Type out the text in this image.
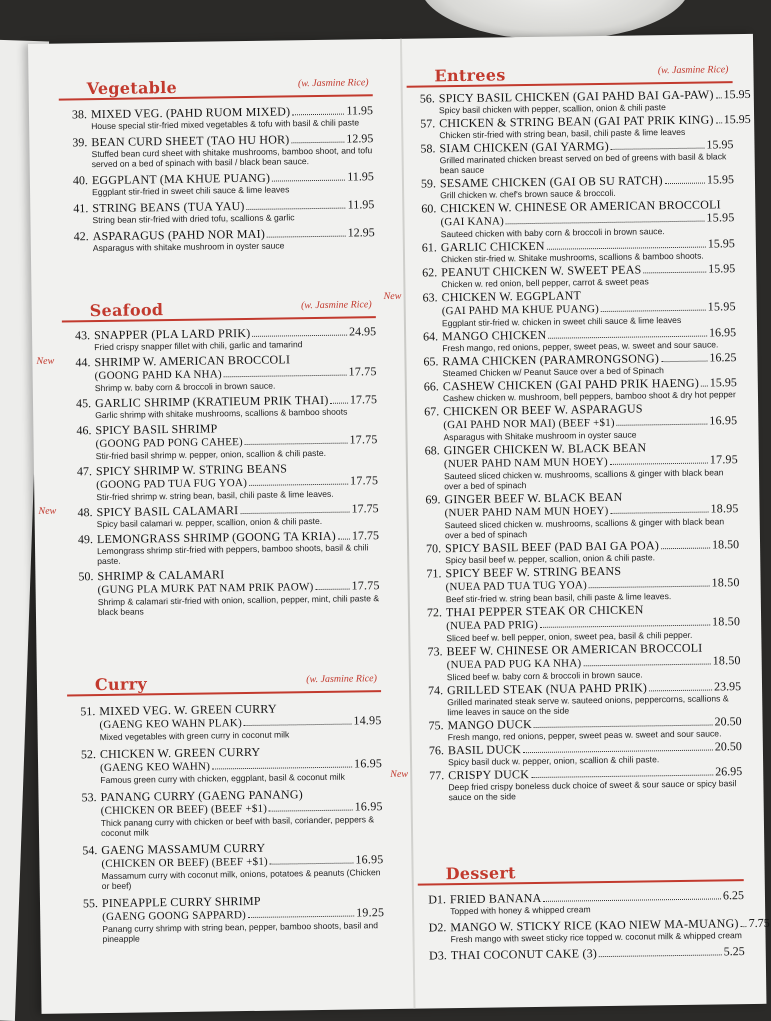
Vegetable	(w. Jasmine Rice)
38. MIXED VEG. (PAHD RUOM MIXED)	11.95
House special stir-fried mixed vegetables & tofu with basil & chili paste
39. BEAN CURD SHEET (TAO HU HOR)	12.95
Stuffed bean curd sheet with shitake mushrooms, bamboo shoot, and tofu served on a bed of spinach with basil / black bean sauce.
40. EGGPLANT (MA KHUE PUANG)	11.95
Eggplant stir-fried in sweet chili sauce & lime leaves
41. STRING BEANS (TUA YAU)	11.95
String bean stir-fried with dried tofu, scallions & garlic
42. ASPARAGUS (PAHD NOR MAI)	12.95
Asparagus with shitake mushroom in oyster sauce
Seafood	(w. Jasmine Rice)
43. SNAPPER (PLA LARD PRIK)	24.95
Fried crispy snapper fillet with chili, garlic and tamarind
New	44. SHRIMP W. AMERICAN BROCCOLI
(GOONG PAHD KA NHA)	17.75
Shrimp w. baby corn & broccoli in brown sauce.
45. GARLIC SHRIMP (KRATIEUM PRIK THAI) 17.75
Garlic shrimp with shitake mushrooms, scallions & bamboo shoots
46. SPICY BASIL SHRIMP
(GOONG PAD PONG CAHEE)	17.75
Stir-fried basil shrimp w. pepper, onion, scallion & chili paste.
47. SPICY SHRIMP W. STRING BEANS
(GOONG PAD TUA FUG YOA)	17.75
Stir-fried shrimp w. string bean, basil, chili paste & lime leaves.
New	48. SPICY BASIL CALAMARI	17.75
Spicy basil calamari w. pepper, scallion, onion & chili paste.
49. LEMONGRASS SHRIMP (GOONG TA KRIA) 17.75
Lemongrass shrimp stir-fried with peppers, bamboo shoots, basil & chili paste.
50. SHRIMP & CALAMARI
(GUNG PLA MURK PAT NAM PRIK PAOW)	17.75
Shrimp & calamari stir-fried with onion, scallion, pepper, mint, chili paste & black beans
Curry	(w. Jasmine Rice)
51. MIXED VEG. W. GREEN CURRY
(GAENG KEO WAHN PLAK)	14.95
Mixed vegetables with green curry in coconut milk
52. CHICKEN W. GREEN CURRY
(GAENG KEO WAHN)	16.95
Famous green curry with chicken, eggplant, basil & coconut milk
53. PANANG CURRY (GAENG PANANG)
(CHICKEN OR BEEF) (BEEF +$1)	16.95
Thick panang curry with chicken or beef with basil, coriander, peppers & coconut milk
54. GAENG MASSAMUM CURRY
(CHICKEN OR BEEF) (BEEF +$1)	16.95
Massamum curry with coconut milk, onions, potatoes & peanuts (Chicken or beef)
55. PINEAPPLE CURRY SHRIMP
(GAENG GOONG SAPPARD)	19.25
Panang curry shrimp with string bean, pepper, bamboo shoots, basil and pineapple
Entrees	(w. Jasmine Rice)
56. SPICY BASIL CHICKEN (GAI PAHD BAI GA-PAW) 15.95
Spicy basil chicken with pepper, scallion, onion & chili paste
57. CHICKEN & STRING BEAN (GAI PAT PRIK KING) 15.95
Chicken stir-fried with string bean, basil, chili paste & lime leaves
58. SIAM CHICKEN (GAI YARMG)	15.95
Grilled marinated chicken breast served on bed of greens with basil & black bean sauce
59. SESAME CHICKEN (GAI OB SU RATCH)	15.95
Grill chicken w. chef's brown sauce & broccoli.
60. CHICKEN W. CHINESE OR AMERICAN BROCCOLI
(GAI KANA)	15.95
Sauteed chicken with baby corn & broccoli in brown sauce.
61. GARLIC CHICKEN	15.95
Chicken stir-fried w. Shitake mushrooms, scallions & bamboo shoots.
62. PEANUT CHICKEN W. SWEET PEAS	15.95
Chicken w. red onion, bell pepper, carrot & sweet peas
New	63. CHICKEN W. EGGPLANT
(GAI PAHD MA KHUE PUANG)	15.95
Eggplant stir-fried w. chicken in sweet chili sauce & lime leaves
64. MANGO CHICKEN	16.95
Fresh mango, red onions, pepper, sweet peas, w. sweet and sour sauce.
65. RAMA CHICKEN (PARAMRONGSONG)	16.25
Steamed Chicken w/ Peanut Sauce over a bed of Spinach
66. CASHEW CHICKEN (GAI PAHD PRIK HAENG) 15.95
Cashew chicken w. mushroom, bell peppers, bamboo shoot & dry hot pepper
67. CHICKEN OR BEEF W. ASPARAGUS
(GAI PAHD NOR MAI) (BEEF +$1)	16.95
Asparagus with Shitake mushroom in oyster sauce
68. GINGER CHICKEN W. BLACK BEAN
(NUER PAHD NAM MUN HOEY)	17.95
Sauteed sliced chicken w. mushrooms, scallions & ginger with black bean over a bed of spinach
69. GINGER BEEF W. BLACK BEAN
(NUER PAHD NAM MUN HOEY)	18.95
Sauteed sliced chicken w. mushrooms, scallions & ginger with black bean over a bed of spinach
70. SPICY BASIL BEEF (PAD BAI GA POA)	18.50
Spicy basil beef w. pepper, scallion, onion & chili paste.
71. SPICY BEEF W. STRING BEANS
(NUEA PAD TUA TUG YOA)	18.50
Beef stir-fried w. string bean basil, chili paste & lime leaves.
72. THAI PEPPER STEAK OR CHICKEN
(NUEA PAD PRIG)	18.50
Sliced beef w. bell pepper, onion, sweet pea, basil & chili pepper.
73. BEEF W. CHINESE OR AMERICAN BROCCOLI
(NUEA PAD PUG KA NHA)	18.50
Sliced beef w. baby corn & broccoli in brown sauce.
74. GRILLED STEAK (NUA PAHD PRIK)	23.95
Grilled marinated steak serve w. sauteed onions, peppercorns, scallions & lime leaves in sauce on the side
75. MANGO DUCK	20.50
Fresh mango, red onions, pepper, sweet peas w. sweet and sour sauce.
76. BASIL DUCK	20.50
Spicy basil duck w. pepper, onion, scallion & chili paste.
New	77. CRISPY DUCK	26.95
Deep fried crispy boneless duck choice of sweet & sour sauce or spicy basil sauce on the side
Dessert
D1. FRIED BANANA	6.25
Topped with honey & whipped cream
D2. MANGO W. STICKY RICE (KAO NIEW MA-MUANG) 7.75
Fresh mango with sweet sticky rice topped w. coconut milk & whipped cream
D3. THAI COCONUT CAKE (3)	5.25
